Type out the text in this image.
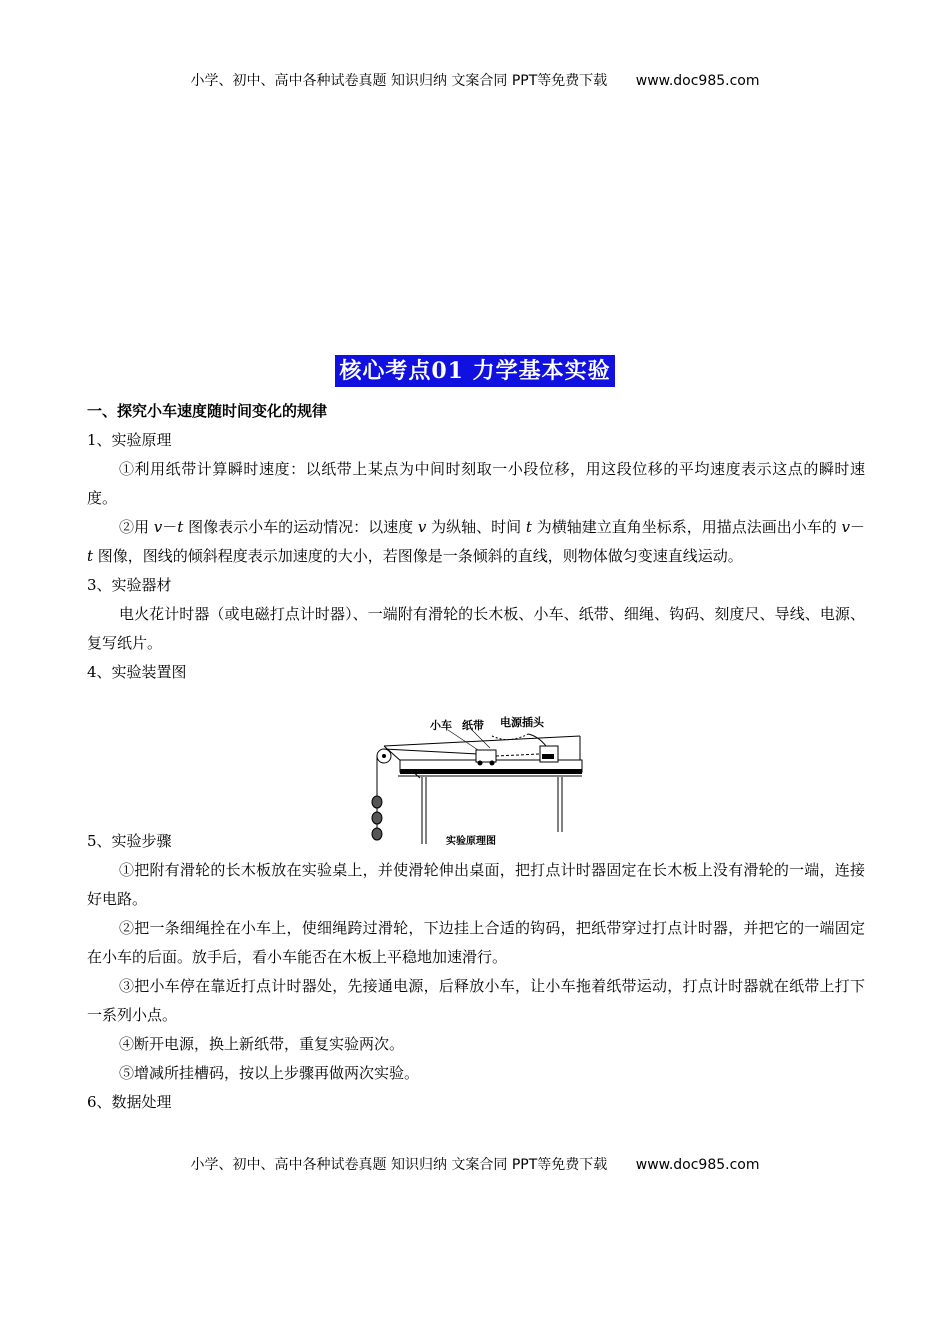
小学、初中、高中各种试卷真题 知识归纳 文案合同 PPT等免费下载 www.doc985.com
核心考点01 力学基本实验

一、探究小车速度随时间变化的规律

1、实验原理

①利用纸带计算瞬时速度：以纸带上某点为中间时刻取一小段位移，用这段位移的平均速度表示这点的瞬时速度。

②用 v－t 图像表示小车的运动情况：以速度 v 为纵轴、时间 t 为横轴建立直角坐标系，用描点法画出小车的 v－t 图像，图线的倾斜程度表示加速度的大小，若图像是一条倾斜的直线，则物体做匀变速直线运动。

3、实验器材

电火花计时器（或电磁打点计时器）、一端附有滑轮的长木板、小车、纸带、细绳、钩码、刻度尺、导线、电源、复写纸片。

4、实验装置图

5、实验步骤

①把附有滑轮的长木板放在实验桌上，并使滑轮伸出桌面，把打点计时器固定在长木板上没有滑轮的一端，连接好电路。

②把一条细绳拴在小车上，使细绳跨过滑轮，下边挂上合适的钩码，把纸带穿过打点计时器，并把它的一端固定在小车的后面。放手后，看小车能否在木板上平稳地加速滑行。

③把小车停在靠近打点计时器处，先接通电源，后释放小车，让小车拖着纸带运动，打点计时器就在纸带上打下一系列小点。

④断开电源，换上新纸带，重复实验两次。

⑤增减所挂槽码，按以上步骤再做两次实验。

6、数据处理

小车 纸带 电源插头
实验原理图
小学、初中、高中各种试卷真题 知识归纳 文案合同 PPT等免费下载 www.doc985.com
